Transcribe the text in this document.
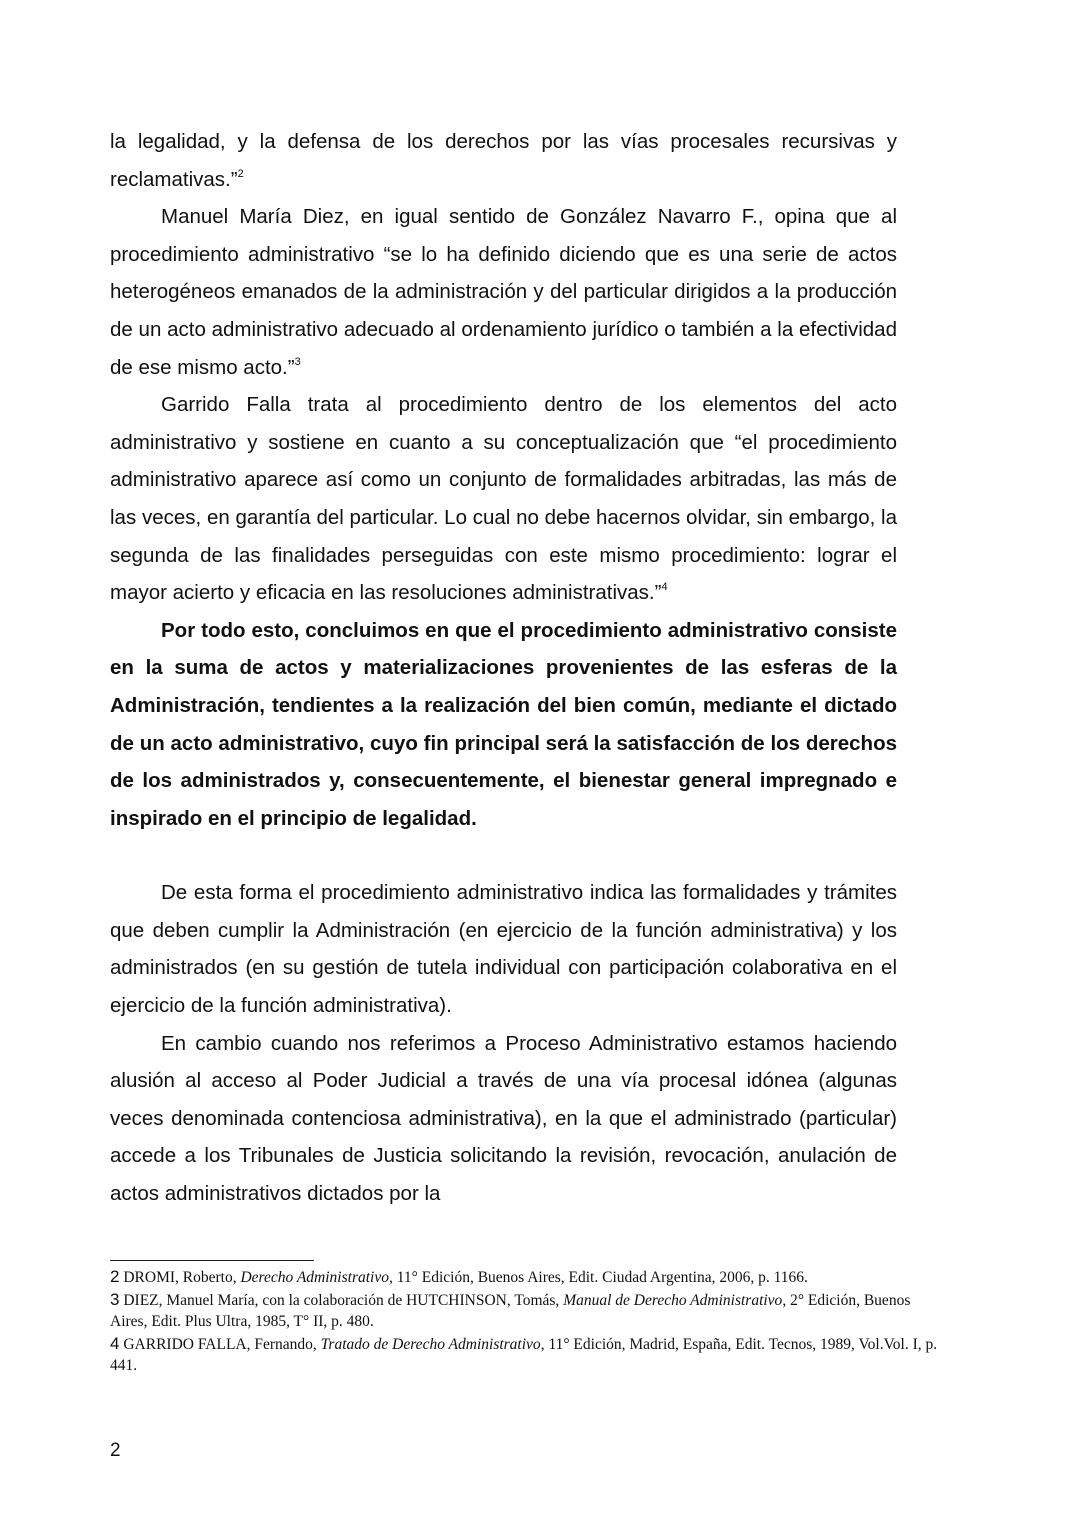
la legalidad, y la defensa de los derechos por las vías procesales recursivas y reclamativas.”$^2$

Manuel María Diez, en igual sentido de González Navarro F., opina que al procedimiento administrativo “se lo ha definido diciendo que es una serie de actos heterogéneos emanados de la administración y del particular dirigidos a la producción de un acto administrativo adecuado al ordenamiento jurídico o también a la efectividad de ese mismo acto.”$^3$

Garrido Falla trata al procedimiento dentro de los elementos del acto administrativo y sostiene en cuanto a su conceptualización que “el procedimiento administrativo aparece así como un conjunto de formalidades arbitradas, las más de las veces, en garantía del particular. Lo cual no debe hacernos olvidar, sin embargo, la segunda de las finalidades perseguidas con este mismo procedimiento: lograr el mayor acierto y eficacia en las resoluciones administrativas.”$^4$

Por todo esto, concluimos en que el procedimiento administrativo consiste en la suma de actos y materializaciones provenientes de las esferas de la Administración, tendientes a la realización del bien común, mediante el dictado de un acto administrativo, cuyo fin principal será la satisfacción de los derechos de los administrados y, consecuentemente, el bienestar general impregnado e inspirado en el principio de legalidad.

De esta forma el procedimiento administrativo indica las formalidades y trámites que deben cumplir la Administración (en ejercicio de la función administrativa) y los administrados (en su gestión de tutela individual con participación colaborativa en el ejercicio de la función administrativa).

En cambio cuando nos referimos a Proceso Administrativo estamos haciendo alusión al acceso al Poder Judicial a través de una vía procesal idónea (algunas veces denominada contenciosa administrativa), en la que el administrado (particular) accede a los Tribunales de Justicia solicitando la revisión, revocación, anulación de actos administrativos dictados por la

2 DROMI, Roberto, Derecho Administrativo, 11° Edición, Buenos Aires, Edit. Ciudad Argentina, 2006, p. 1166.

3 DIEZ, Manuel María, con la colaboración de HUTCHINSON, Tomás, Manual de Derecho Administrativo, 2° Edición, Buenos Aires, Edit. Plus Ultra, 1985, T° II, p. 480.

4 GARRIDO FALLA, Fernando, Tratado de Derecho Administrativo, 11° Edición, Madrid, España, Edit. Tecnos, 1989, Vol.Vol. I, p. 441.

2
